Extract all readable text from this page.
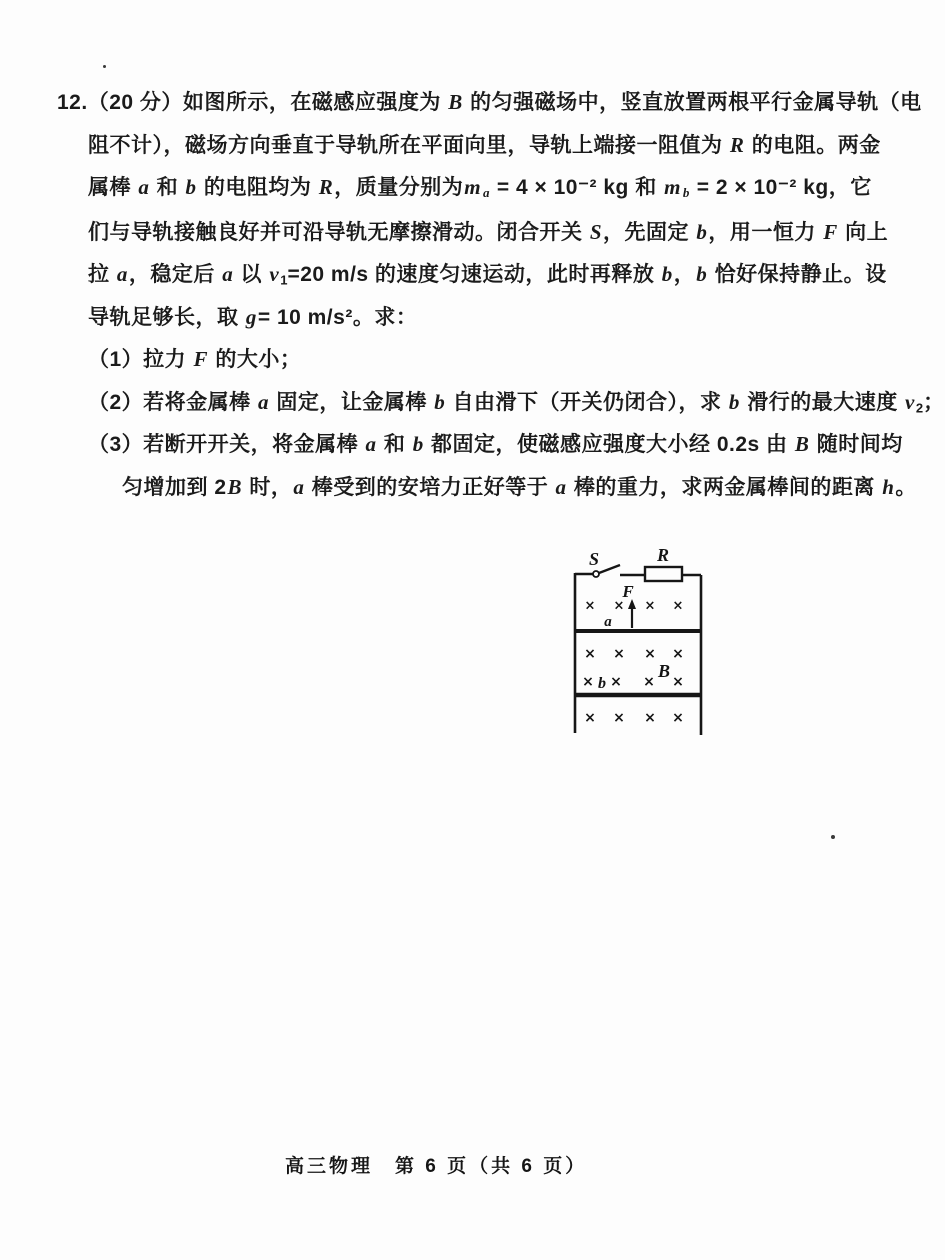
12.（20 分）如图所示，在磁感应强度为 B 的匀强磁场中，竖直放置两根平行金属导轨（电
阻不计），磁场方向垂直于导轨所在平面向里，导轨上端接一阻值为 R 的电阻。两金
属棒 a 和 b 的电阻均为 R，质量分别为m a = 4 × 10⁻² kg 和 m b = 2 × 10⁻² kg，它
们与导轨接触良好并可沿导轨无摩擦滑动。闭合开关 S，先固定 b，用一恒力 F 向上
拉 a，稳定后 a 以 v1=20 m/s 的速度匀速运动，此时再释放 b，b 恰好保持静止。设
导轨足够长，取 g= 10 m/s²。求：
（1）拉力 F 的大小；
（2）若将金属棒 a 固定，让金属棒 b 自由滑下（开关仍闭合），求 b 滑行的最大速度 v2；
（3）若断开开关，将金属棒 a 和 b 都固定，使磁感应强度大小经 0.2s 由 B 随时间均
匀增加到 2B 时，a 棒受到的安培力正好等于 a 棒的重力，求两金属棒间的距离 h。
× × × ×
× × × ×
× × × ×
× × × ×
S	R
F
a
b
B
高三物理　第 6 页（共 6 页）
